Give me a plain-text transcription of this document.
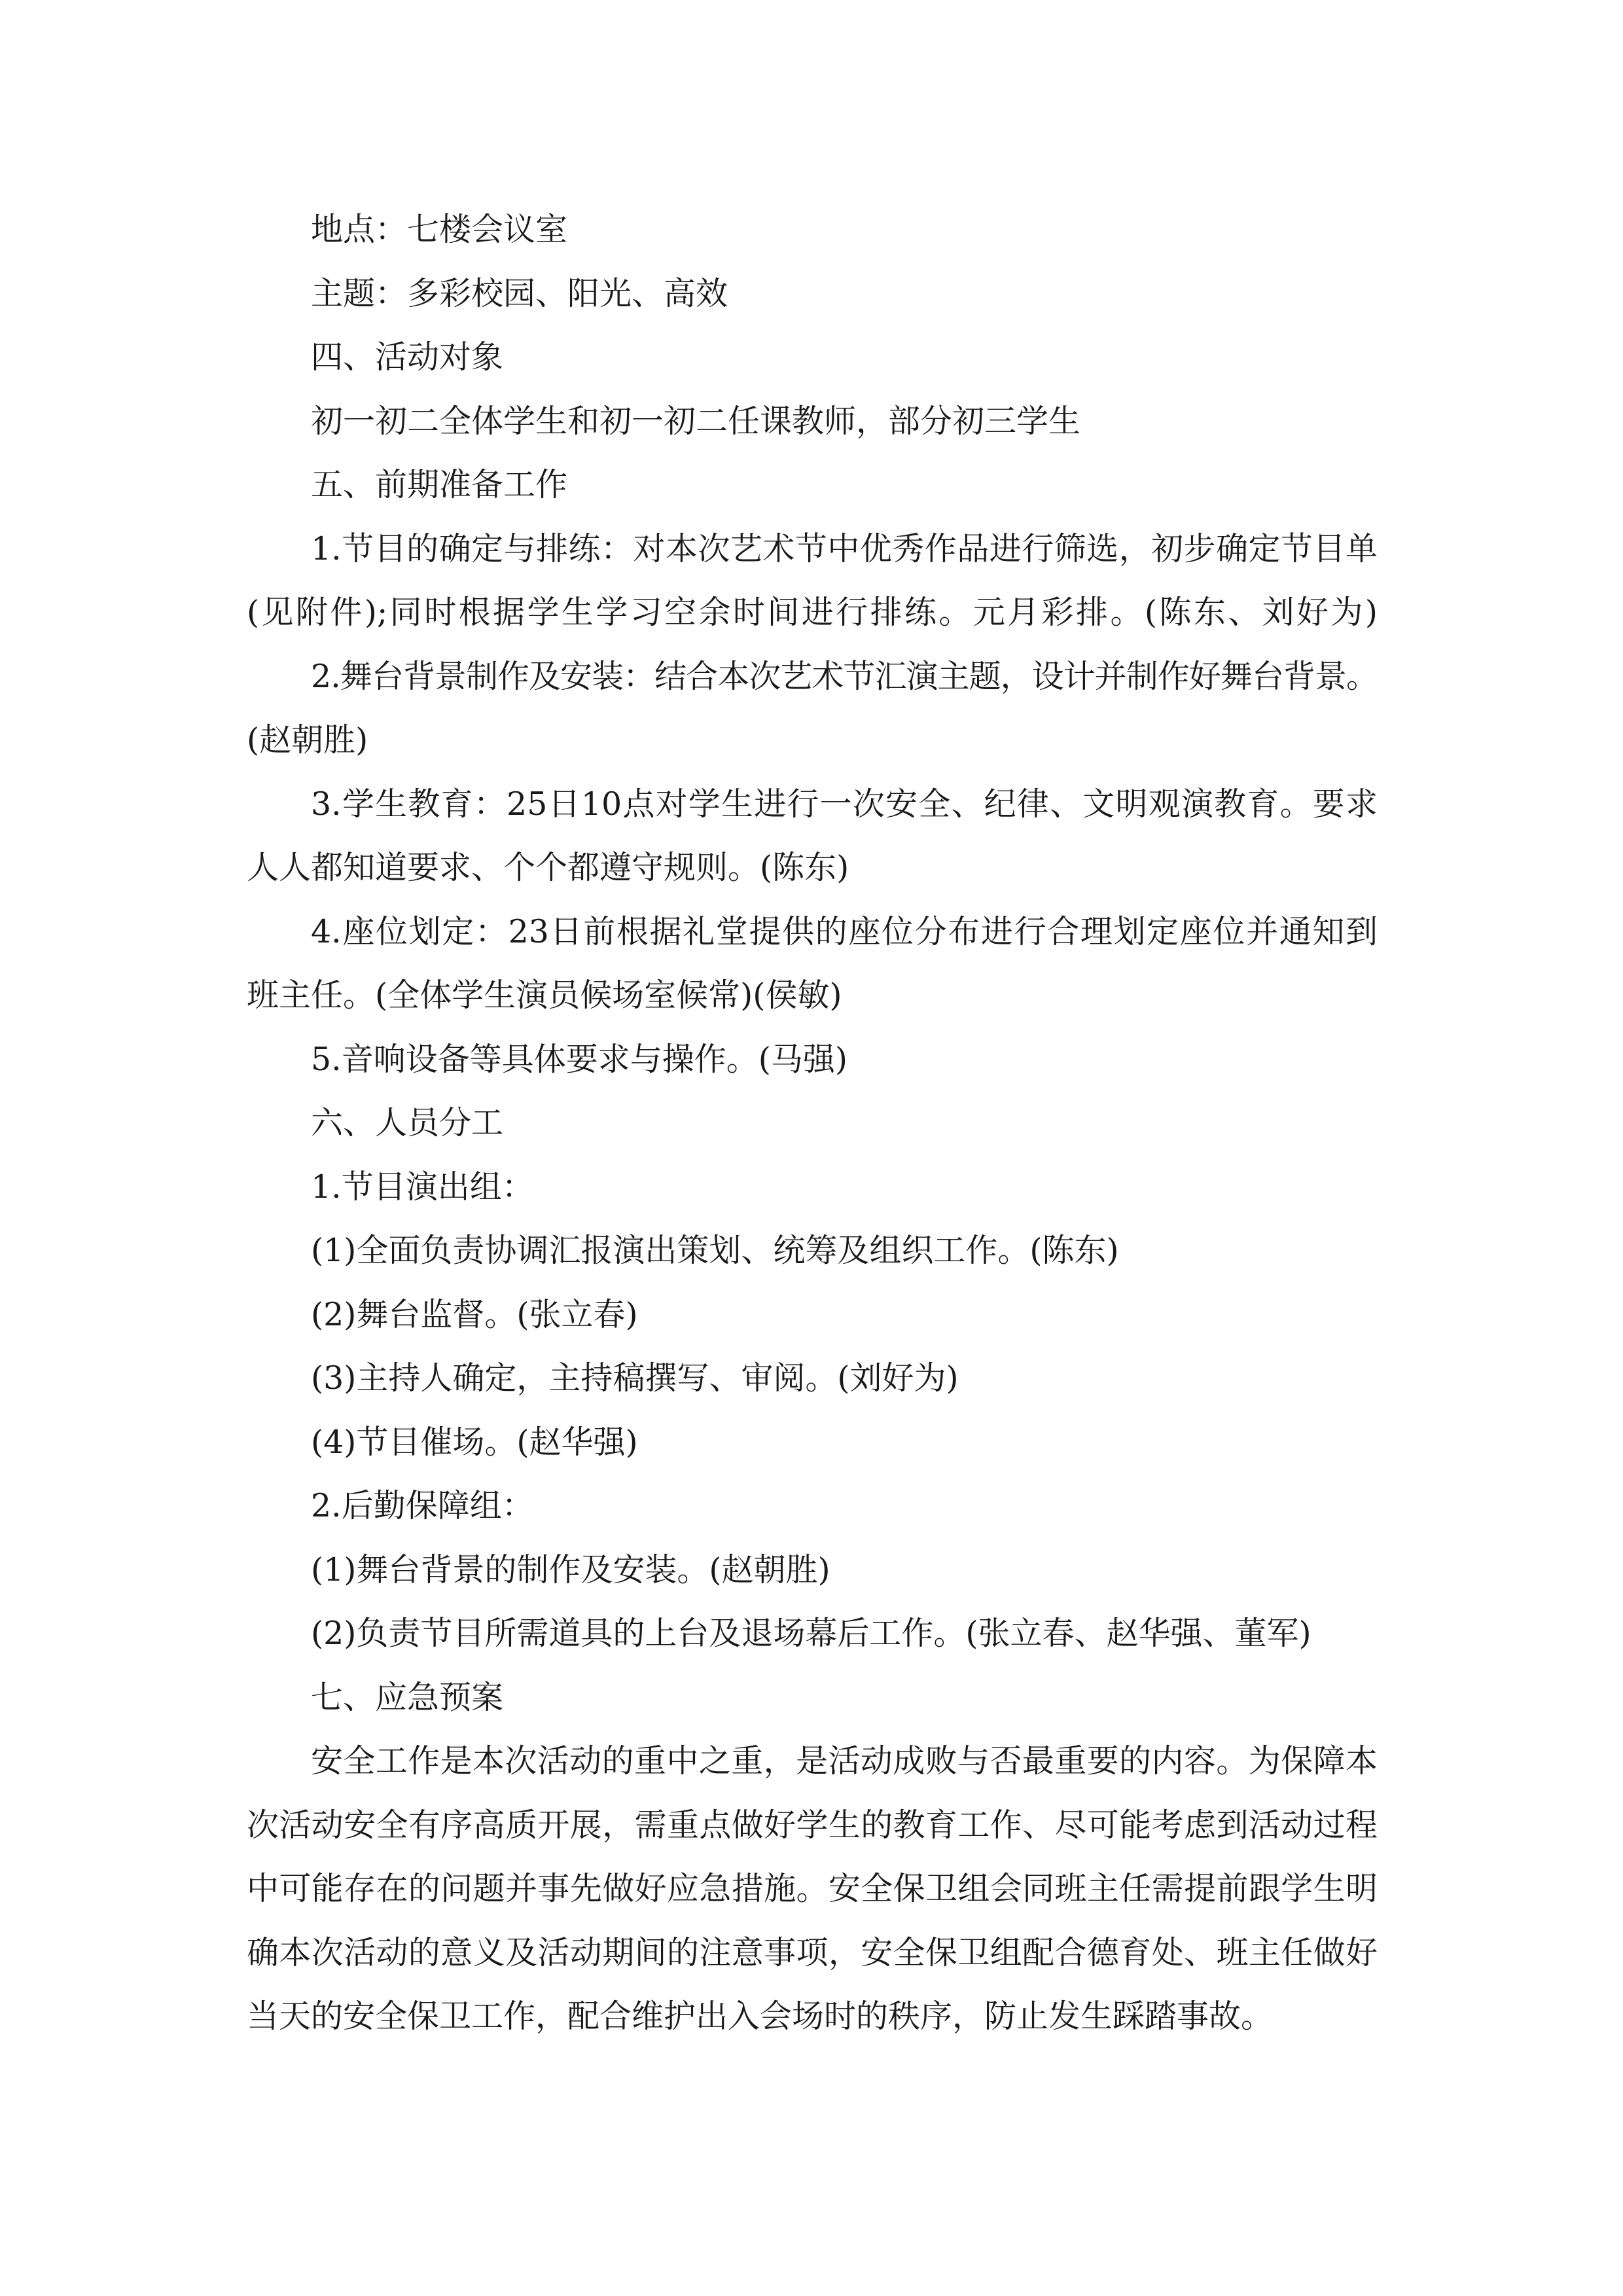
地点：七楼会议室
主题：多彩校园、阳光、高效
四、活动对象
初一初二全体学生和初一初二任课教师，部分初三学生
五、前期准备工作
1.节目的确定与排练：对本次艺术节中优秀作品进行筛选，初步确定节目单
(见附件);同时根据学生学习空余时间进行排练。元月彩排。(陈东、刘好为)
2.舞台背景制作及安装：结合本次艺术节汇演主题，设计并制作好舞台背景。
(赵朝胜)
3.学生教育：25日10点对学生进行一次安全、纪律、文明观演教育。要求
人人都知道要求、个个都遵守规则。(陈东)
4.座位划定：23日前根据礼堂提供的座位分布进行合理划定座位并通知到
班主任。(全体学生演员候场室候常)(侯敏)
5.音响设备等具体要求与操作。(马强)
六、人员分工
1.节目演出组：
(1)全面负责协调汇报演出策划、统筹及组织工作。(陈东)
(2)舞台监督。(张立春)
(3)主持人确定，主持稿撰写、审阅。(刘好为)
(4)节目催场。(赵华强)
2.后勤保障组：
(1)舞台背景的制作及安装。(赵朝胜)
(2)负责节目所需道具的上台及退场幕后工作。(张立春、赵华强、董军)
七、应急预案
安全工作是本次活动的重中之重，是活动成败与否最重要的内容。为保障本
次活动安全有序高质开展，需重点做好学生的教育工作、尽可能考虑到活动过程
中可能存在的问题并事先做好应急措施。安全保卫组会同班主任需提前跟学生明
确本次活动的意义及活动期间的注意事项，安全保卫组配合德育处、班主任做好
当天的安全保卫工作，配合维护出入会场时的秩序，防止发生踩踏事故。
